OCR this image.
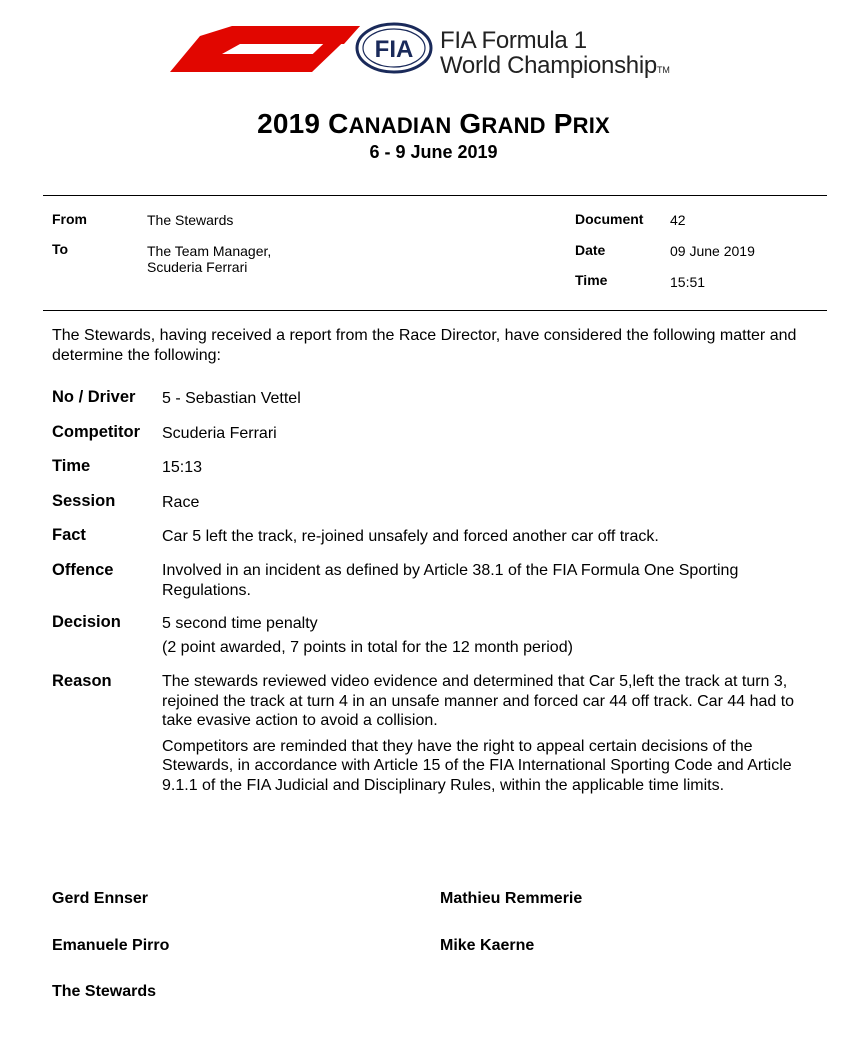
FIA FIA Formula 1
World ChampionshipTM
2019 CANADIAN GRAND PRIX
6 - 9 June 2019
From	The Stewards
To	The Team Manager,
Scuderia Ferrari
Document 42
Date	09 June 2019
Time	15:51
The Stewards, having received a report from the Race Director, have considered the following matter and determine the following:
No / Driver 5 - Sebastian Vettel
Competitor Scuderia Ferrari
Time	15:13
Session	Race
Fact	Car 5 left the track, re-joined unsafely and forced another car off track.
Offence	Involved in an incident as defined by Article 38.1 of the FIA Formula One Sporting Regulations.
Decision	5 second time penalty
(2 point awarded, 7 points in total for the 12 month period)
Reason	The stewards reviewed video evidence and determined that Car 5,left the track at turn 3, rejoined the track at turn 4 in an unsafe manner and forced car 44 off track. Car 44 had to take evasive action to avoid a collision.
Competitors are reminded that they have the right to appeal certain decisions of the Stewards, in accordance with Article 15 of the FIA International Sporting Code and Article 9.1.1 of the FIA Judicial and Disciplinary Rules, within the applicable time limits.
Gerd Ennser	Mathieu Remmerie
Emanuele Pirro	Mike Kaerne
The Stewards
